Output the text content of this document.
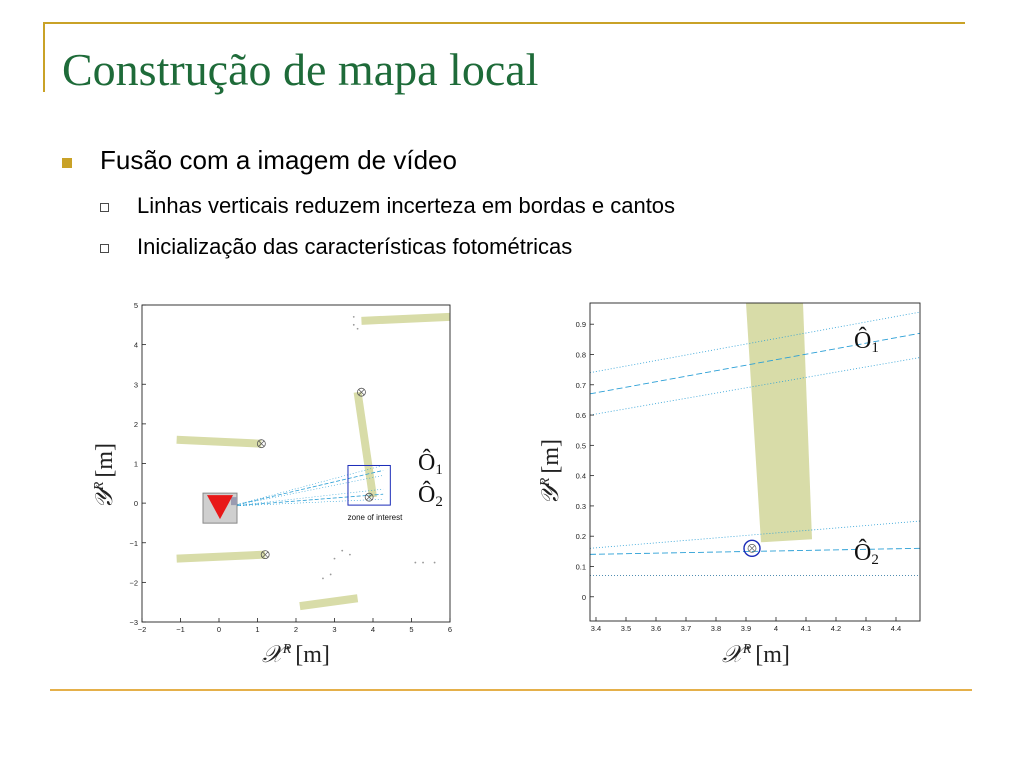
Construção de mapa local
Fusão com a imagem de vídeo
Linhas verticais reduzem incerteza em bordas e cantos
Inicialização das características fotométricas
−2	−1	0	1	2	3	4	5	6
5
4
3
2
1
0
−1
−2
−3
𝒴$^R$[m]
𝒳$^R$ [m]
zone of interest
Ô1
Ô2
3.4	3.5	3.6	3.7	3.8	3.9	4	4.1	4.2	4.3	4.4
0.9
0.8
0.7
0.6
0.5
0.4
0.3
0.2
0.1
0
𝒴$^R$[m]
𝒳$^R$ [m]
Ô1
Ô2
